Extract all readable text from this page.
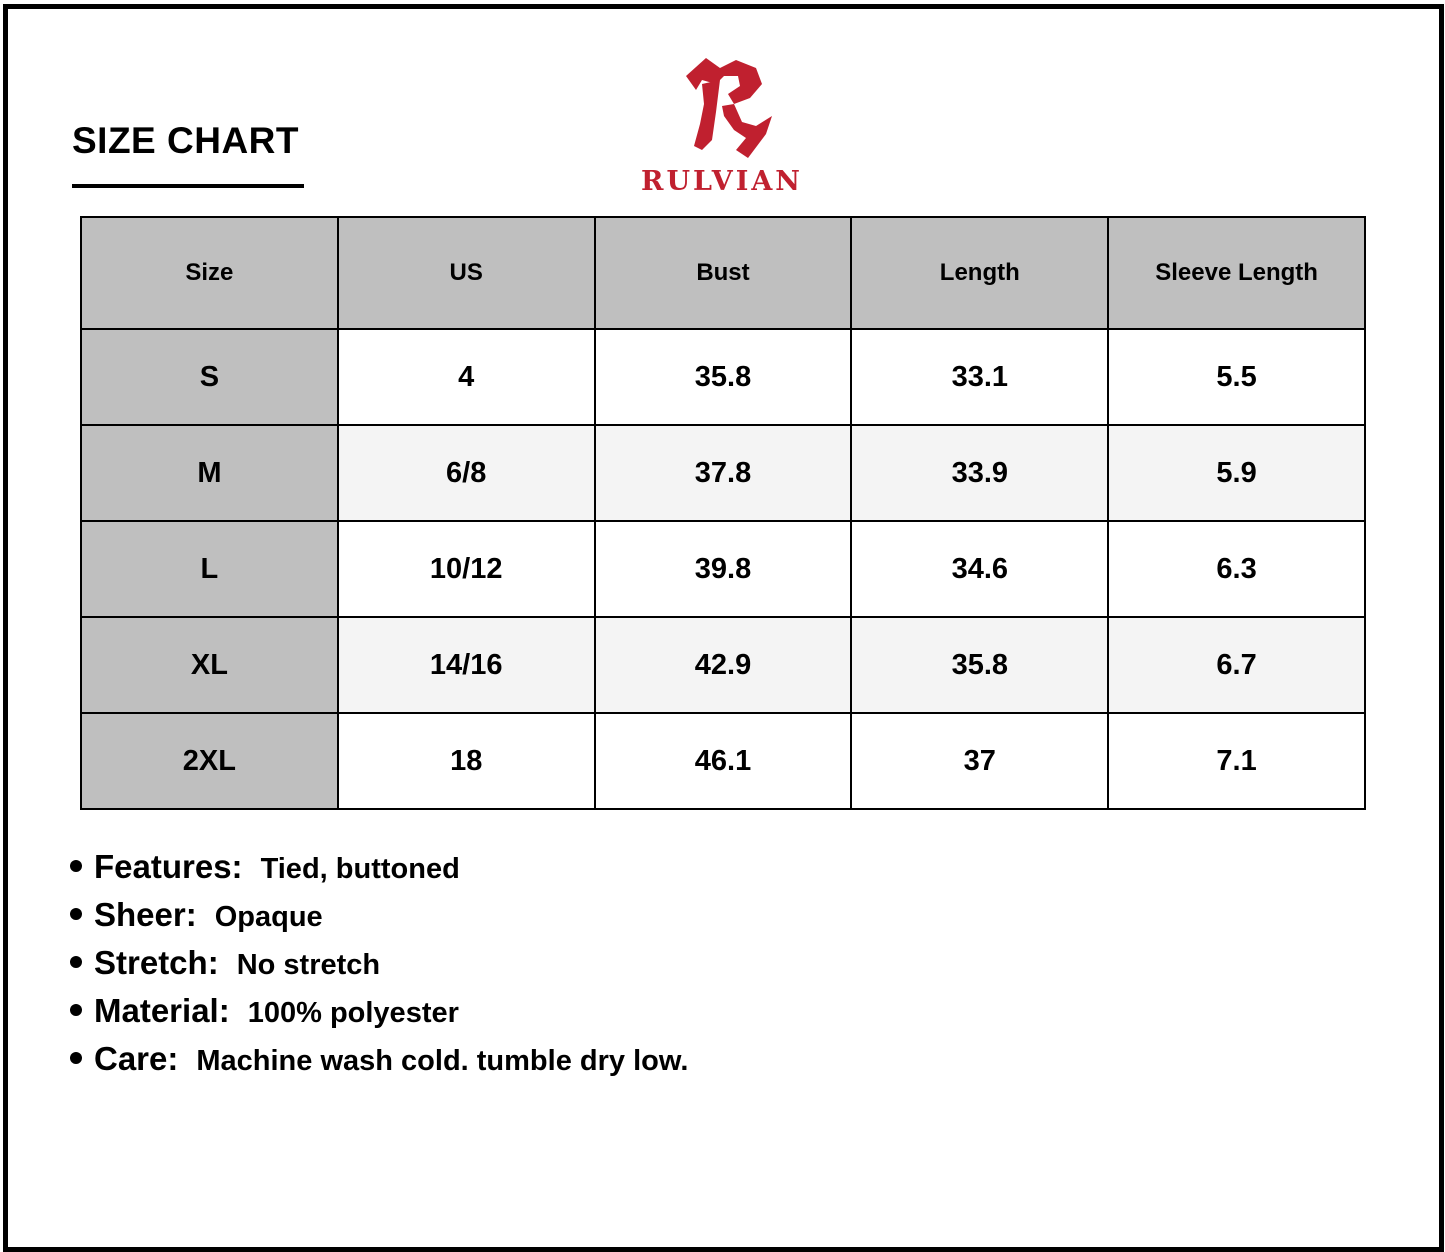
SIZE CHART
RULVIAN
Size	US	Bust	Length	Sleeve Length
S	4	35.8	33.1	5.5
M	6/8	37.8	33.9	5.9
L	10/12	39.8	34.6	6.3
XL	14/16	42.9	35.8	6.7
2XL	18	46.1	37	7.1
Features: Tied, buttoned
Sheer: Opaque
Stretch: No stretch
Material: 100% polyester
Care: Machine wash cold. tumble dry low.
